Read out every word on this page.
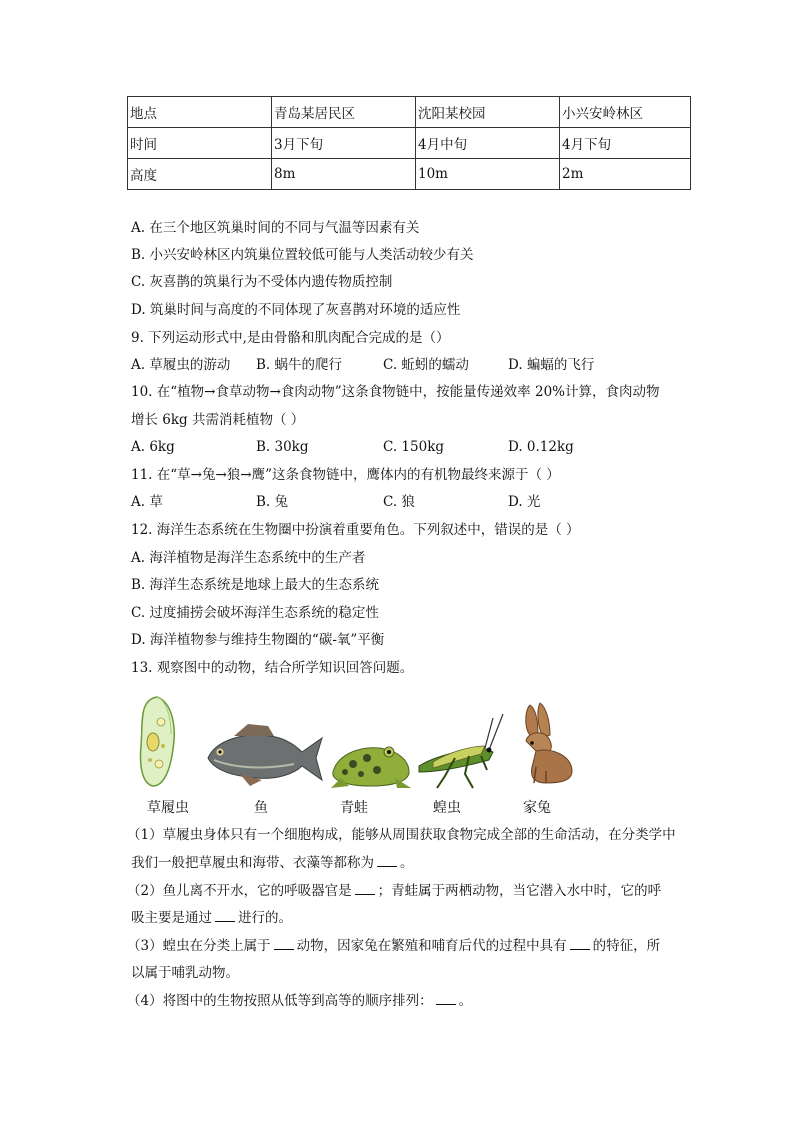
地点	青岛某居民区	沈阳某校园	小兴安岭林区
时间	3月下旬	4月中旬	4月下旬
高度	8m	10m	2m
A. 在三个地区筑巢时间的不同与气温等因素有关
B. 小兴安岭林区内筑巢位置较低可能与人类活动较少有关
C. 灰喜鹊的筑巢行为不受体内遗传物质控制
D. 筑巢时间与高度的不同体现了灰喜鹊对环境的适应性
9. 下列运动形式中,是由骨骼和肌肉配合完成的是（）
A. 草履虫的游动 B. 蜗牛的爬行	C. 蚯蚓的蠕动	D. 蝙蝠的飞行
10. 在“植物→食草动物→食肉动物”这条食物链中，按能量传递效率 20%计算，食肉动物
增长 6kg 共需消耗植物（ ）
A. 6kg	B. 30kg	C. 150kg	D. 0.12kg
11. 在“草→兔→狼→鹰”这条食物链中，鹰体内的有机物最终来源于（ ）
A. 草	B. 兔	C. 狼	D. 光
12. 海洋生态系统在生物圈中扮演着重要角色。下列叙述中，错误的是（ ）
A. 海洋植物是海洋生态系统中的生产者
B. 海洋生态系统是地球上最大的生态系统
C. 过度捕捞会破坏海洋生态系统的稳定性
D. 海洋植物参与维持生物圈的“碳-氧”平衡
13. 观察图中的动物，结合所学知识回答问题。
草履虫	鱼	青蛙	蝗虫	家兔
（1）草履虫身体只有一个细胞构成，能够从周围获取食物完成全部的生命活动，在分类学中
我们一般把草履虫和海带、衣藻等都称为 。
（2）鱼儿离不开水，它的呼吸器官是 ；青蛙属于两栖动物，当它潜入水中时，它的呼
吸主要是通过 进行的。
（3）蝗虫在分类上属于 动物，因家兔在繁殖和哺育后代的过程中具有 的特征，所
以属于哺乳动物。
（4）将图中的生物按照从低等到高等的顺序排列： 。
